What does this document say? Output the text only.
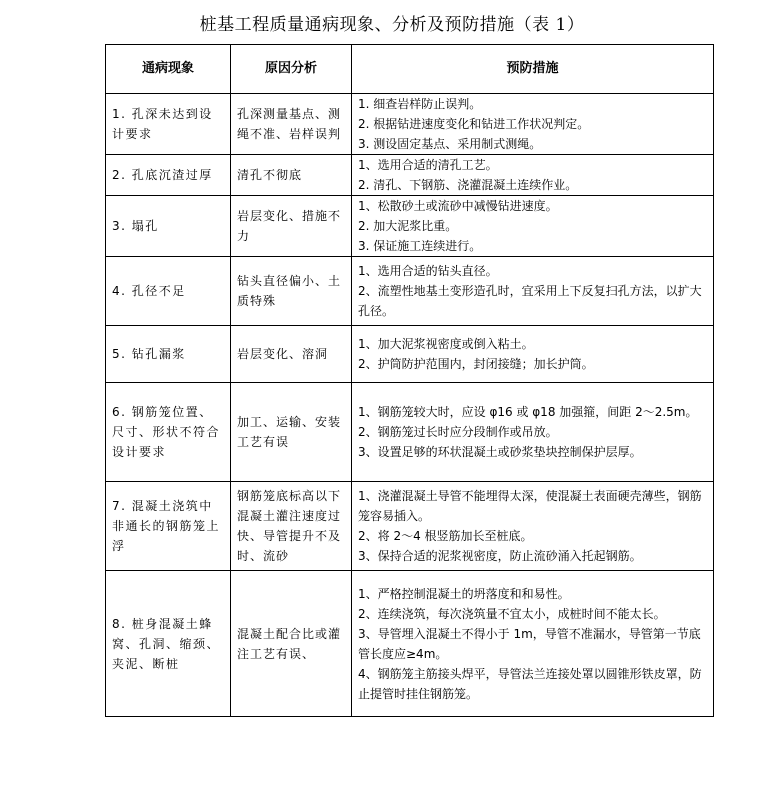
桩基工程质量通病现象、分析及预防措施（表 1）
通病现象	原因分析	预防措施
1. 孔深未达到设计要求	孔深测量基点、测绳不准、岩样误判	1. 细查岩样防止误判。
2. 根据钻进速度变化和钻进工作状况判定。
3. 测设固定基点、采用制式测绳。

2. 孔底沉渣过厚	清孔不彻底	1、选用合适的清孔工艺。
2. 清孔、下钢筋、浇灌混凝土连续作业。

3. 塌孔	岩层变化、措施不力	1、松散砂土或流砂中减慢钻进速度。
2. 加大泥浆比重。
3. 保证施工连续进行。

4. 孔径不足	钻头直径偏小、土质特殊	1、选用合适的钻头直径。
2、流塑性地基土变形造孔时，宜采用上下反复扫孔方法，以扩大孔径。

5. 钻孔漏浆	岩层变化、溶洞	1、加大泥浆视密度或倒入粘土。
2、护筒防护范围内，封闭接缝；加长护筒。

6. 钢筋笼位置、尺寸、形状不符合设计要求	加工、运输、安装工艺有误	1、钢筋笼较大时，应设 φ16 或 φ18 加强箍，间距 2～2.5m。
2、钢筋笼过长时应分段制作或吊放。
3、设置足够的环状混凝土或砂浆垫块控制保护层厚。

7. 混凝土浇筑中非通长的钢筋笼上浮	钢筋笼底标高以下混凝土灌注速度过快、导管提升不及时、流砂	1、浇灌混凝土导管不能埋得太深，使混凝土表面硬壳薄些，钢筋笼容易插入。
2、将 2～4 根竖筋加长至桩底。
3、保持合适的泥浆视密度，防止流砂涌入托起钢筋。

8. 桩身混凝土蜂窝、孔洞、缩颈、夹泥、断桩	混凝土配合比或灌注工艺有误、	1、严格控制混凝土的坍落度和和易性。
2、连续浇筑，每次浇筑量不宜太小，成桩时间不能太长。
3、导管埋入混凝土不得小于 1m，导管不准漏水，导管第一节底管长度应≥4m。
4、钢筋笼主筋接头焊平，导管法兰连接处罩以圆锥形铁皮罩，防止提管时挂住钢筋笼。
